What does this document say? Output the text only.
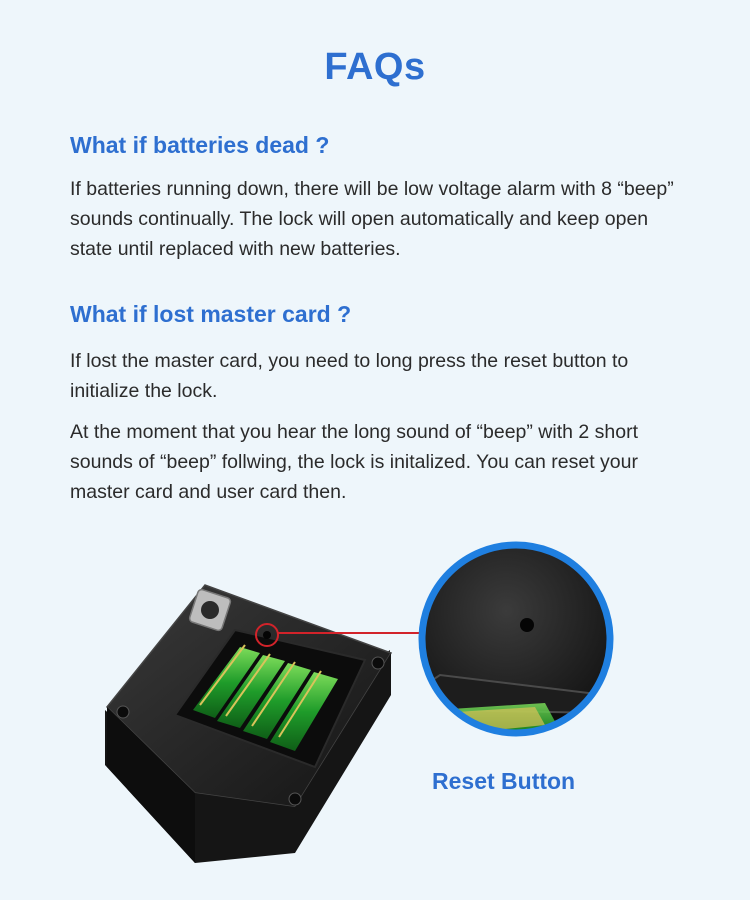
FAQs
What if batteries dead ?
If batteries running down, there will be low voltage alarm with 8 “beep” sounds continually. The lock will open automatically and keep open state until replaced with new batteries.
What if lost master card ?
If lost the master card, you need to long press the reset button to initialize the lock.
At the moment that you hear the long sound of “beep” with 2 short sounds of “beep” follwing, the lock is initalized. You can reset your master card and user card then.
Reset Button
